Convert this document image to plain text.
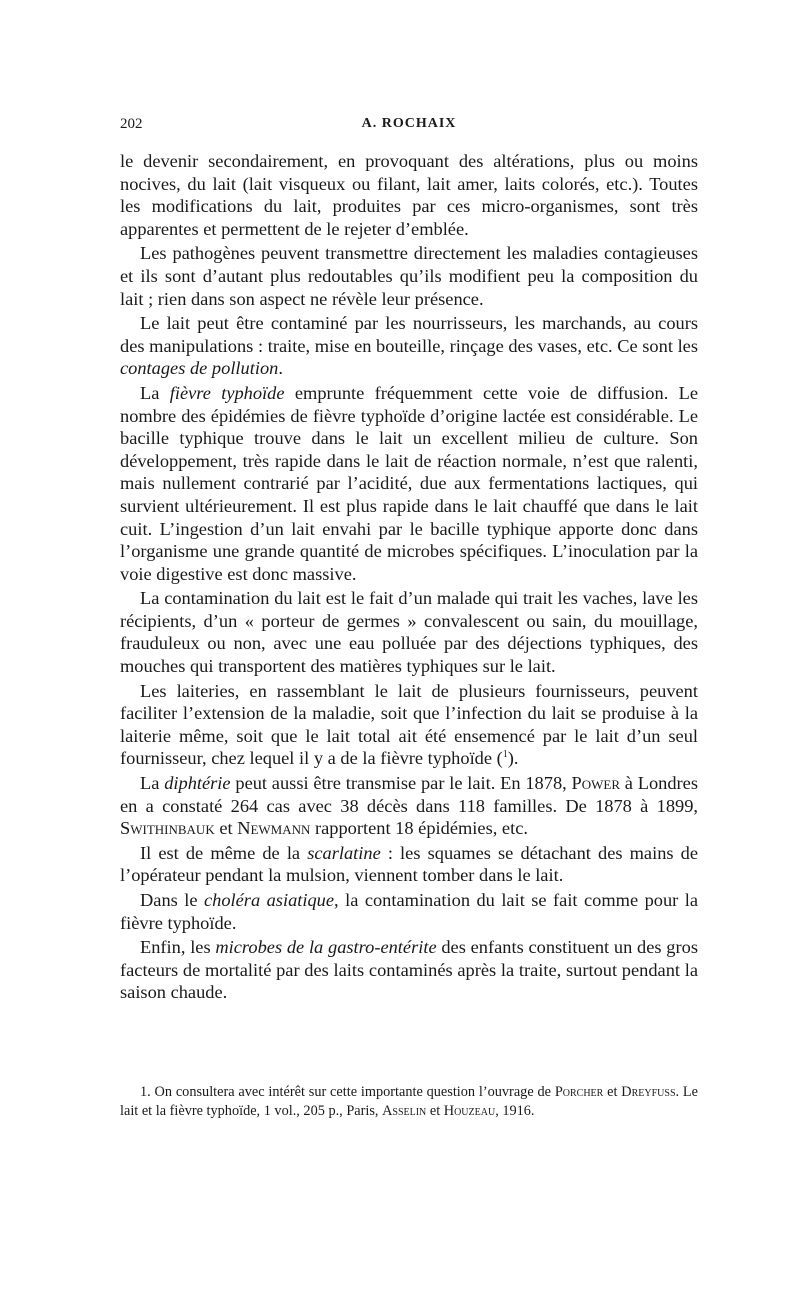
202	A. ROCHAIX

le devenir secondairement, en provoquant des altérations, plus ou moins nocives, du lait (lait visqueux ou filant, lait amer, laits colorés, etc.). Toutes les modifications du lait, produites par ces micro-organismes, sont très apparentes et permettent de le rejeter d’emblée.

Les pathogènes peuvent transmettre directement les maladies contagieuses et ils sont d’autant plus redoutables qu’ils modifient peu la composition du lait ; rien dans son aspect ne révèle leur présence.

Le lait peut être contaminé par les nourrisseurs, les marchands, au cours des manipulations : traite, mise en bouteille, rinçage des vases, etc. Ce sont les contages de pollution.

La fièvre typhoïde emprunte fréquemment cette voie de diffusion. Le nombre des épidémies de fièvre typhoïde d’origine lactée est considérable. Le bacille typhique trouve dans le lait un excellent milieu de culture. Son développement, très rapide dans le lait de réaction normale, n’est que ralenti, mais nullement contrarié par l’acidité, due aux fermentations lactiques, qui survient ultérieurement. Il est plus rapide dans le lait chauffé que dans le lait cuit. L’ingestion d’un lait envahi par le bacille typhique apporte donc dans l’organisme une grande quantité de microbes spécifiques. L’inoculation par la voie digestive est donc massive.

La contamination du lait est le fait d’un malade qui trait les vaches, lave les récipients, d’un « porteur de germes » convalescent ou sain, du mouillage, frauduleux ou non, avec une eau polluée par des déjections typhiques, des mouches qui transportent des matières typhiques sur le lait.

Les laiteries, en rassemblant le lait de plusieurs fournisseurs, peuvent faciliter l’extension de la maladie, soit que l’infection du lait se produise à la laiterie même, soit que le lait total ait été ensemencé par le lait d’un seul fournisseur, chez lequel il y a de la fièvre typhoïde ($^1$).

La diphtérie peut aussi être transmise par le lait. En 1878, Power à Londres en a constaté 264 cas avec 38 décès dans 118 familles. De 1878 à 1899, Swithinbauk et Newmann rapportent 18 épidémies, etc.

Il est de même de la scarlatine : les squames se détachant des mains de l’opérateur pendant la mulsion, viennent tomber dans le lait.

Dans le choléra asiatique, la contamination du lait se fait comme pour la fièvre typhoïde.

Enfin, les microbes de la gastro-entérite des enfants constituent un des gros facteurs de mortalité par des laits contaminés après la traite, surtout pendant la saison chaude.

1. On consultera avec intérêt sur cette importante question l’ouvrage de Porcher et Dreyfuss. Le lait et la fièvre typhoïde, 1 vol., 205 p., Paris, Asselin et Houzeau, 1916.
